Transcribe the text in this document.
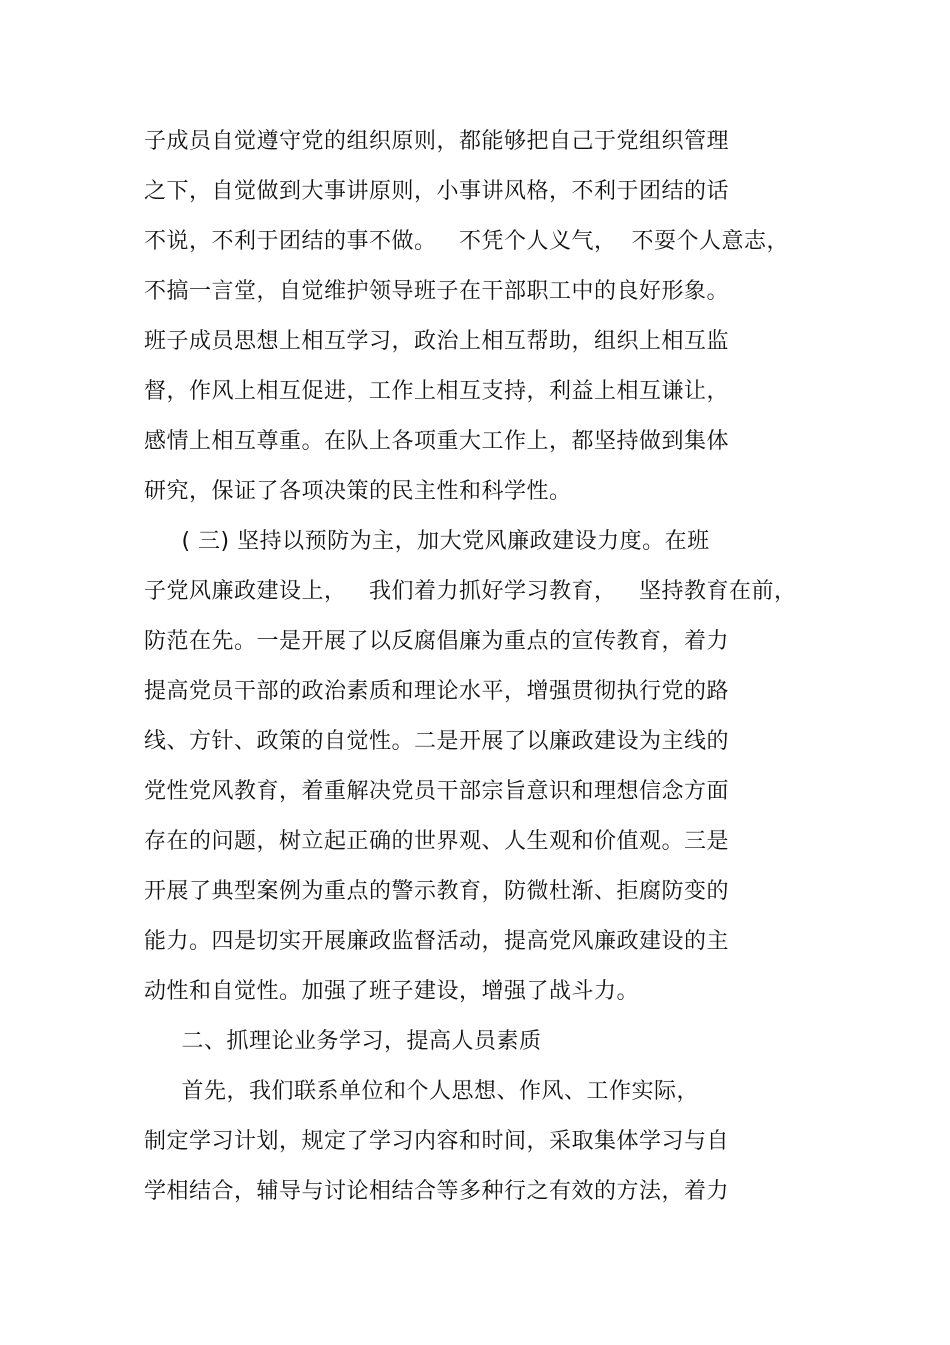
子成员自觉遵守党的组织原则，都能够把自己于党组织管理
之下，自觉做到大事讲原则，小事讲风格，不利于团结的话
不说，不利于团结的事不做。   不凭个人义气，  不耍个人意志，
不搞一言堂，自觉维护领导班子在干部职工中的良好形象。
班子成员思想上相互学习，政治上相互帮助，组织上相互监
督，作风上相互促进，工作上相互支持，利益上相互谦让，
感情上相互尊重。在队上各项重大工作上，都坚持做到集体
研究，保证了各项决策的民主性和科学性。
( 三) 坚持以预防为主，加大党风廉政建设力度。在班
子党风廉政建设上，   我们着力抓好学习教育，   坚持教育在前，
防范在先。一是开展了以反腐倡廉为重点的宣传教育，着力
提高党员干部的政治素质和理论水平，增强贯彻执行党的路
线、方针、政策的自觉性。二是开展了以廉政建设为主线的
党性党风教育，着重解决党员干部宗旨意识和理想信念方面
存在的问题，树立起正确的世界观、人生观和价值观。三是
开展了典型案例为重点的警示教育，防微杜渐、拒腐防变的
能力。四是切实开展廉政监督活动，提高党风廉政建设的主
动性和自觉性。加强了班子建设，增强了战斗力。
二、抓理论业务学习，提高人员素质
首先，我们联系单位和个人思想、作风、工作实际，
制定学习计划，规定了学习内容和时间，采取集体学习与自
学相结合，辅导与讨论相结合等多种行之有效的方法，着力
